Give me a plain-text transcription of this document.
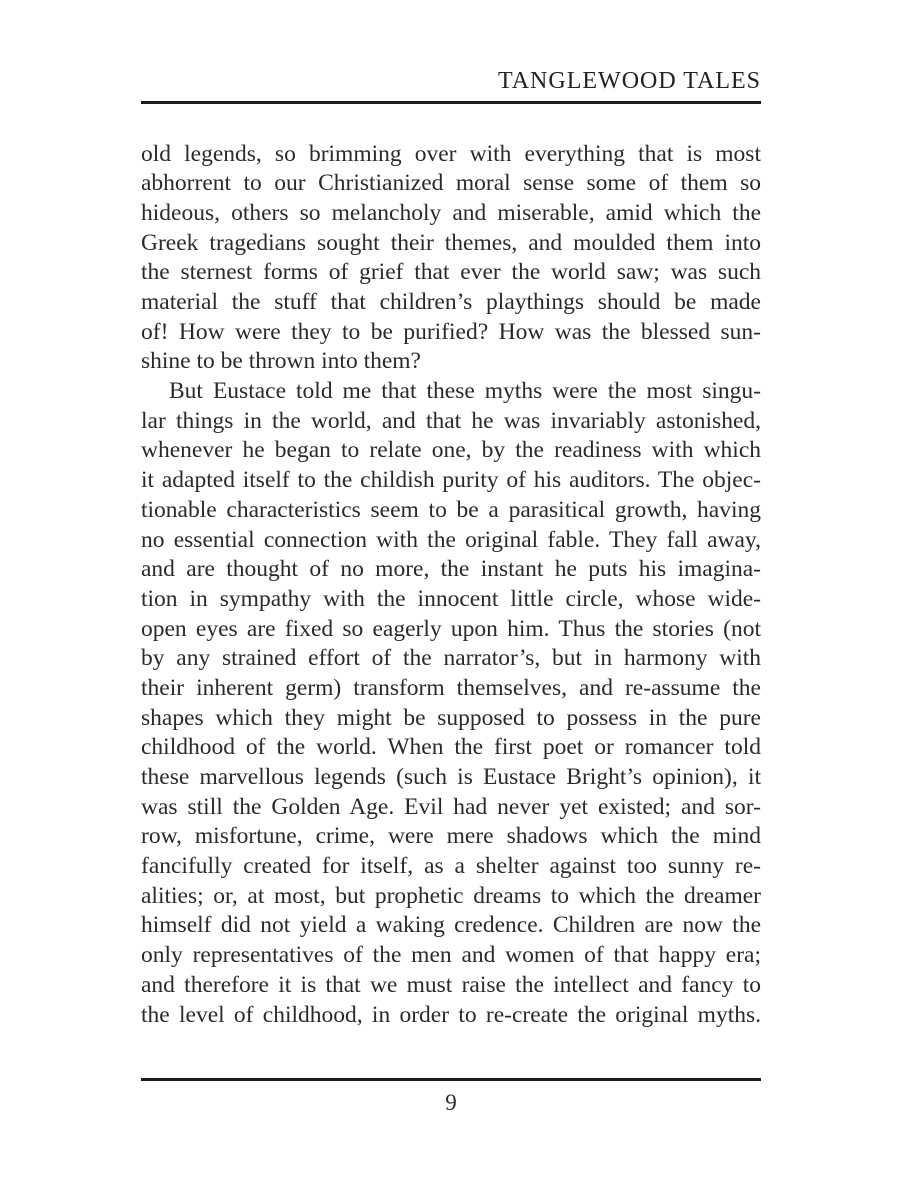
TANGLEWOOD TALES
old legends, so brimming over with everything that is most
abhorrent to our Christianized moral sense some of them so
hideous, others so melancholy and miserable, amid which the
Greek tragedians sought their themes, and moulded them into
the sternest forms of grief that ever the world saw; was such
material the stuff that children’s playthings should be made
of! How were they to be purified? How was the blessed sun-
shine to be thrown into them?
But Eustace told me that these myths were the most singu-
lar things in the world, and that he was invariably astonished,
whenever he began to relate one, by the readiness with which
it adapted itself to the childish purity of his auditors. The objec-
tionable characteristics seem to be a parasitical growth, having
no essential connection with the original fable. They fall away,
and are thought of no more, the instant he puts his imagina-
tion in sympathy with the innocent little circle, whose wide-
open eyes are fixed so eagerly upon him. Thus the stories (not
by any strained effort of the narrator’s, but in harmony with
their inherent germ) transform themselves, and re-assume the
shapes which they might be supposed to possess in the pure
childhood of the world. When the first poet or romancer told
these marvellous legends (such is Eustace Bright’s opinion), it
was still the Golden Age. Evil had never yet existed; and sor-
row, misfortune, crime, were mere shadows which the mind
fancifully created for itself, as a shelter against too sunny re-
alities; or, at most, but prophetic dreams to which the dreamer
himself did not yield a waking credence. Children are now the
only representatives of the men and women of that happy era;
and therefore it is that we must raise the intellect and fancy to
the level of childhood, in order to re-create the original myths.
9
